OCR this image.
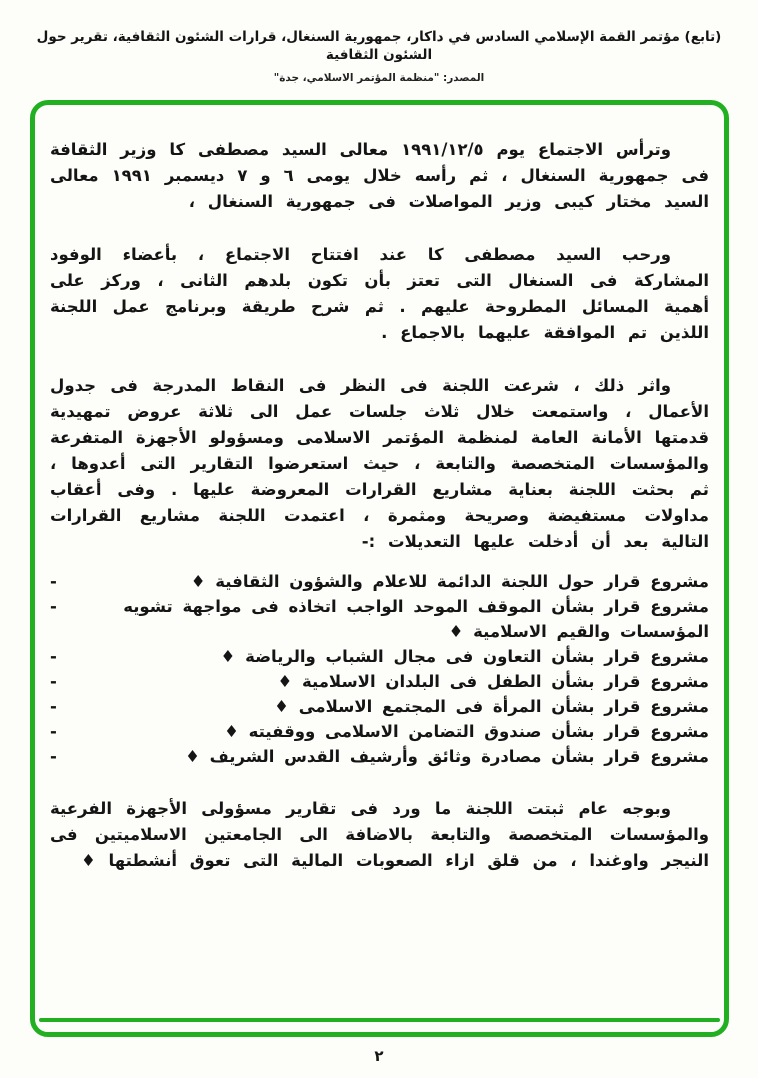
(تابع) مؤتمر القمة الإسلامي السادس في داكار، جمهورية السنغال، قرارات الشئون الثقافية، تقرير حول الشئون الثقافية
المصدر: "منظمة المؤتمر الاسلامي، جدة"

وترأس الاجتماع يوم ١٩٩١/١٢/٥ معالى السيد مصطفى كا وزير الثقافة فى جمهورية السنغال ، ثم رأسه خلال يومى ٦ و ٧ ديسمبر ١٩٩١ معالى السيد مختار كيبى وزير المواصلات فى جمهورية السنغال ،

ورحب السيد مصطفى كا عند افتتاح الاجتماع ، بأعضاء الوفود المشاركة فى السنغال التى تعتز بأن تكون بلدهم الثانى ، وركز على أهمية المسائل المطروحة عليهم . ثم شرح طريقة وبرنامج عمل اللجنة اللذين تم الموافقة عليهما بالاجماع .

واثر ذلك ، شرعت اللجنة فى النظر فى النقاط المدرجة فى جدول الأعمال ، واستمعت خلال ثلاث جلسات عمل الى ثلاثة عروض تمهيدية قدمتها الأمانة العامة لمنظمة المؤتمر الاسلامى ومسؤولو الأجهزة المتفرعة والمؤسسات المتخصصة والتابعة ، حيث استعرضوا التقارير التى أعدوها ، ثم بحثت اللجنة بعناية مشاريع القرارات المعروضة عليها . وفى أعقاب مداولات مستفيضة وصريحة ومثمرة ، اعتمدت اللجنة مشاريع القرارات التالية بعد أن أدخلت عليها التعديلات :-

-	مشروع قرار حول اللجنة الدائمة للاعلام والشؤون الثقافية ♦
-	مشروع قرار بشأن الموقف الموحد الواجب اتخاذه فى مواجهة تشويه المؤسسات والقيم الاسلامية ♦
-	مشروع قرار بشأن التعاون فى مجال الشباب والرياضة ♦
-	مشروع قرار بشأن الطفل فى البلدان الاسلامية ♦
-	مشروع قرار بشأن المرأة فى المجتمع الاسلامى ♦
-	مشروع قرار بشأن صندوق التضامن الاسلامى ووقفيته ♦
-	مشروع قرار بشأن مصادرة وثائق وأرشيف القدس الشريف ♦

وبوجه عام ثبتت اللجنة ما ورد فى تقارير مسؤولى الأجهزة الفرعية والمؤسسات المتخصصة والتابعة بالاضافة الى الجامعتين الاسلاميتين فى النيجر واوغندا ، من قلق ازاء الصعوبات المالية التى تعوق أنشطتها ♦

٢
